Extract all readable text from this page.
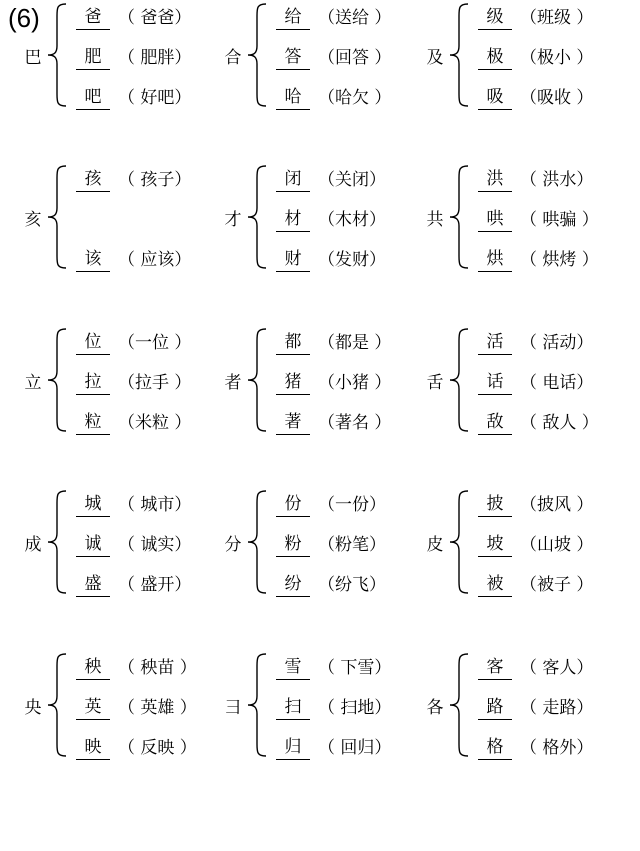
(6)
巴
爸 （ 爸爸）
肥 （ 肥胖）
吧 （ 好吧）
合
给 （送给 ）
答 （回答 ）
哈 （哈欠 ）
及
级 （班级 ）
极 （极小 ）
吸 （吸收 ）
亥
孩 （ 孩子）
该 （ 应该）
才
闭 （关闭）
材 （木材）
财 （发财）
共
洪 （ 洪水）
哄 （ 哄骗 ）
烘 （ 烘烤 ）
立
位 （一位 ）
拉 （拉手 ）
粒 （米粒 ）
者
都 （都是 ）
猪 （小猪 ）
著 （著名 ）
舌
活 （ 活动）
话 （ 电话）
敌 （ 敌人 ）
成
城 （ 城市）
诚 （ 诚实）
盛 （ 盛开）
分
份 （一份）
粉 （粉笔）
纷 （纷飞）
皮
披 （披风 ）
坡 （山坡 ）
被 （被子 ）
央
秧 （ 秧苗 ）
英 （ 英雄 ）
映 （ 反映 ）
彐
雪 （ 下雪）
扫 （ 扫地）
归 （ 回归）
各
客 （ 客人）
路 （ 走路）
格 （ 格外）
